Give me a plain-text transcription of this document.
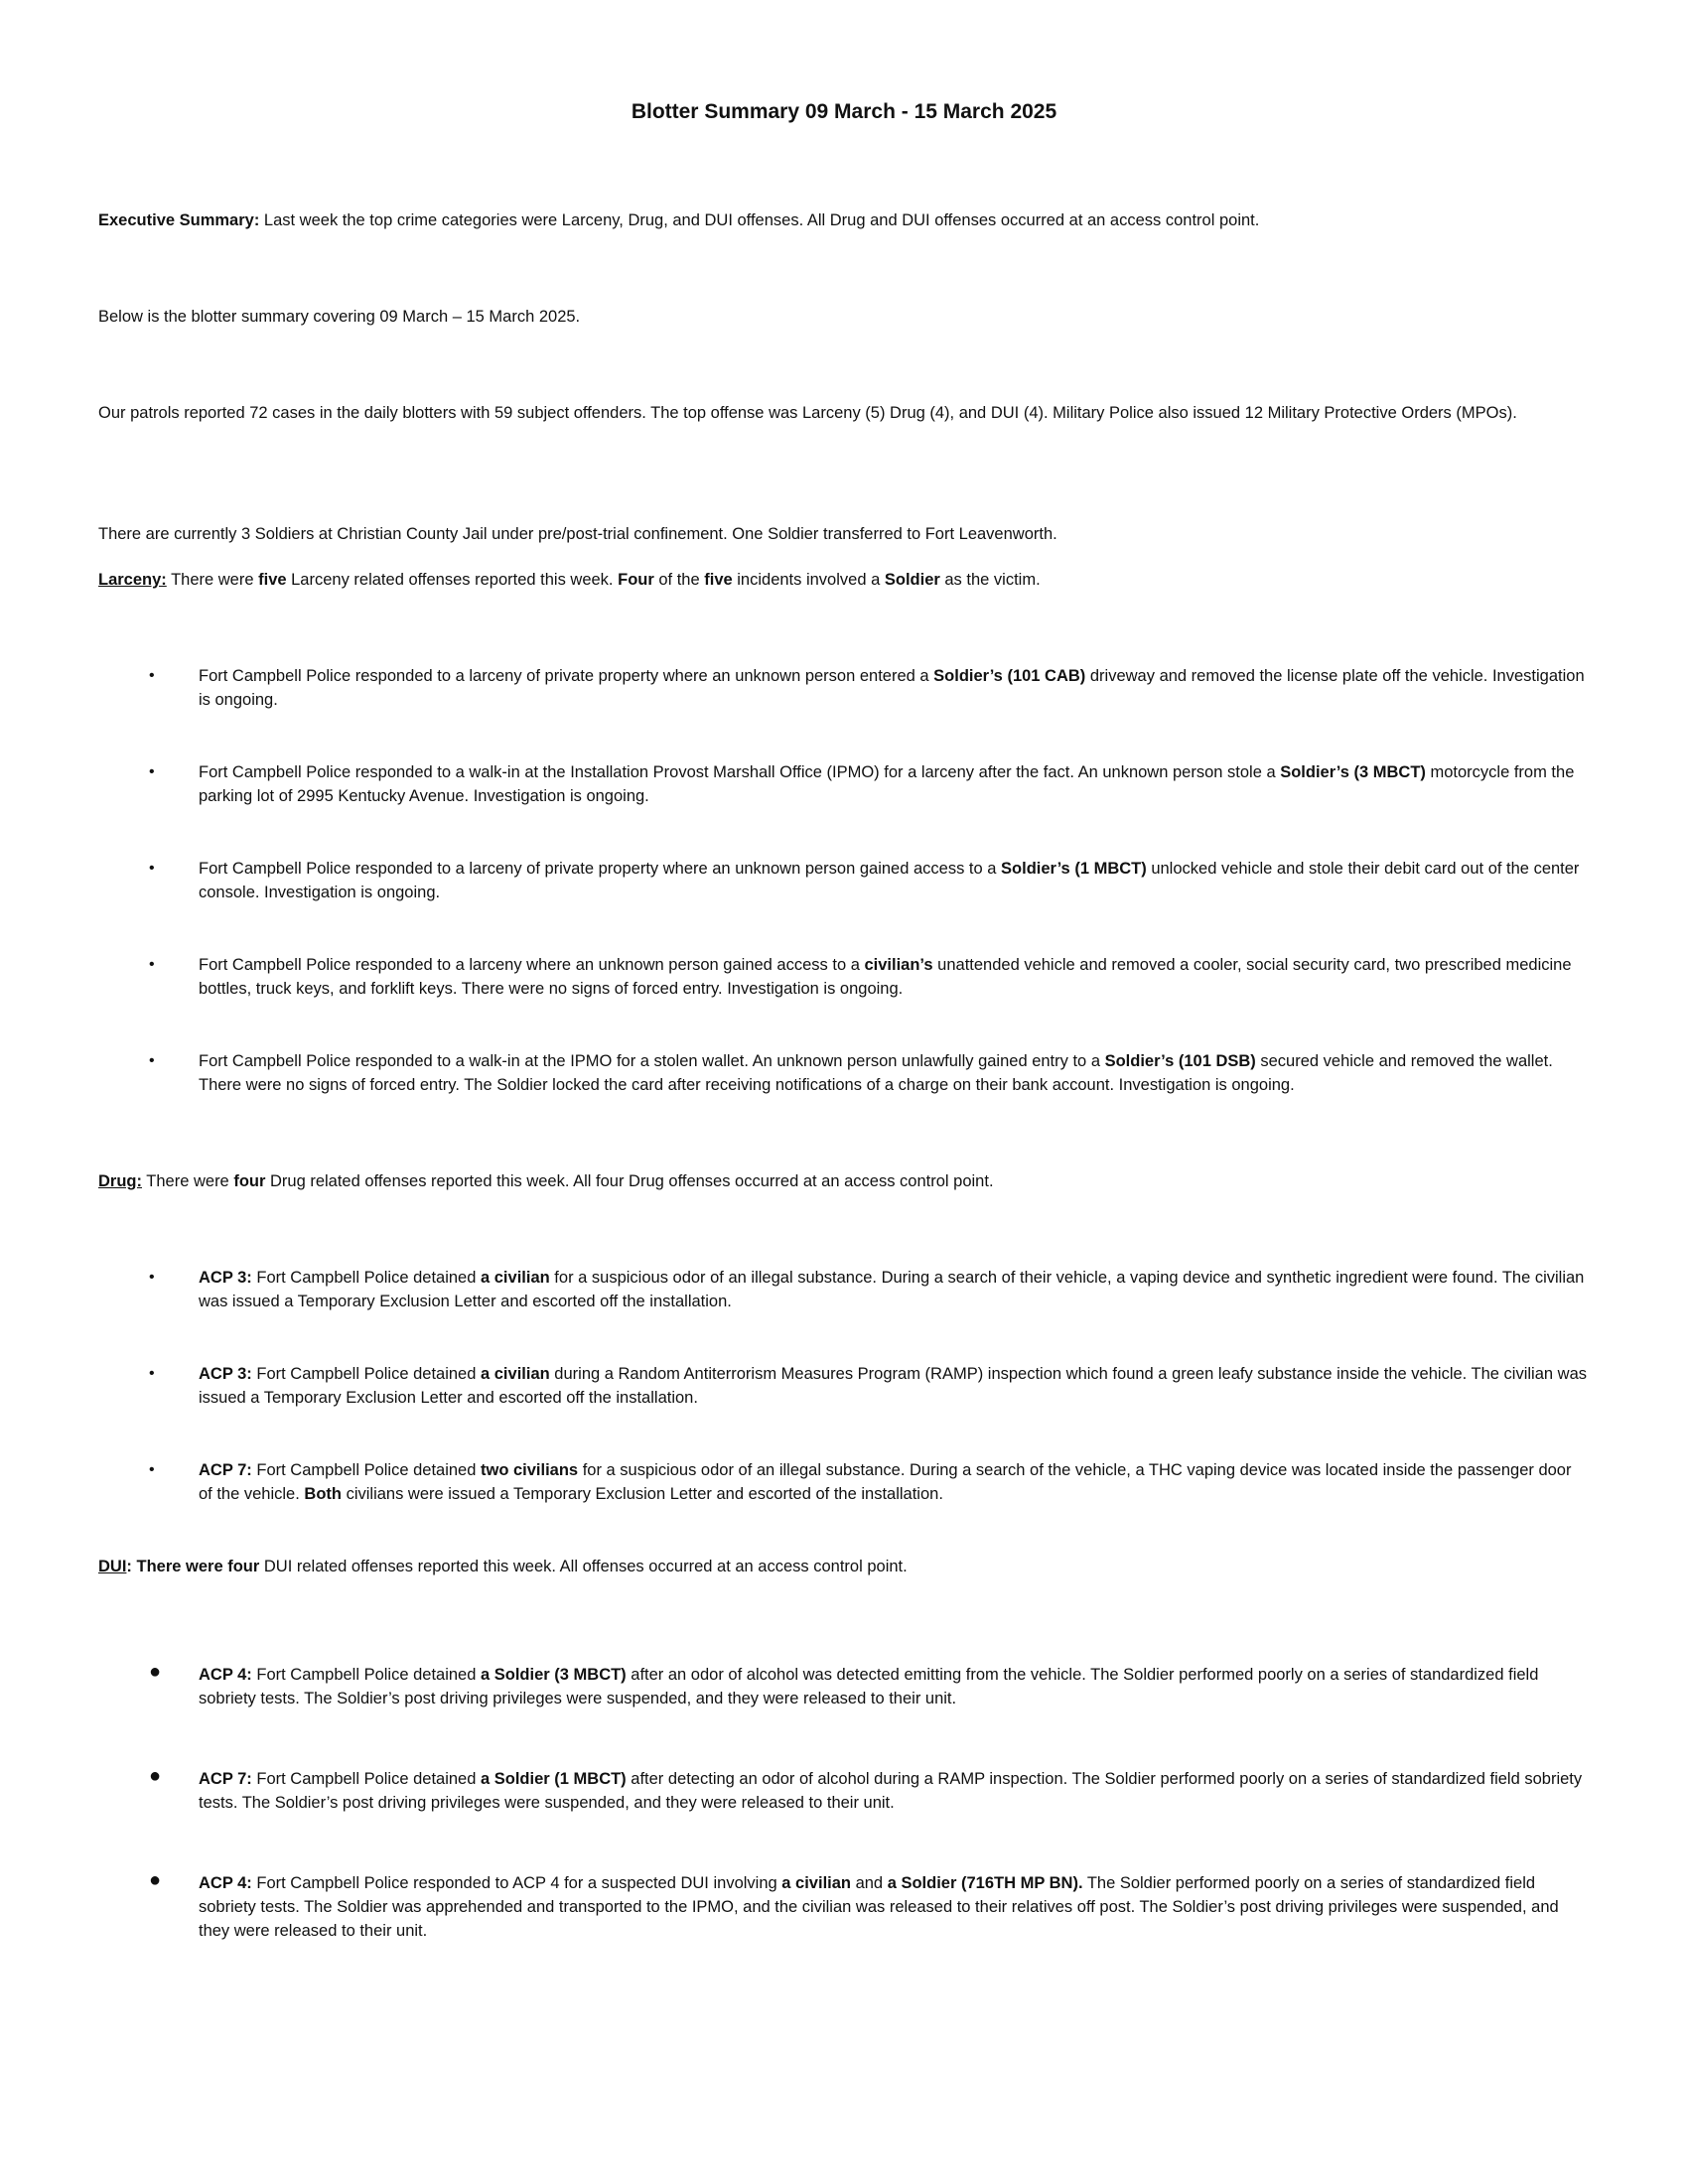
Blotter Summary 09 March - 15 March 2025
Executive Summary: Last week the top crime categories were Larceny, Drug, and DUI offenses. All Drug and DUI offenses occurred at an access control point.
Below is the blotter summary covering 09 March – 15 March 2025.
Our patrols reported 72 cases in the daily blotters with 59 subject offenders. The top offense was Larceny (5) Drug (4), and DUI (4). Military Police also issued 12 Military Protective Orders (MPOs).
There are currently 3 Soldiers at Christian County Jail under pre/post-trial confinement. One Soldier transferred to Fort Leavenworth.
Larceny: There were five Larceny related offenses reported this week. Four of the five incidents involved a Soldier as the victim.
•	Fort Campbell Police responded to a larceny of private property where an unknown person entered a Soldier’s (101 CAB) driveway and removed the license plate off the vehicle. Investigation is ongoing.
•	Fort Campbell Police responded to a walk-in at the Installation Provost Marshall Office (IPMO) for a larceny after the fact. An unknown person stole a Soldier’s (3 MBCT) motorcycle from the parking lot of 2995 Kentucky Avenue. Investigation is ongoing.
•	Fort Campbell Police responded to a larceny of private property where an unknown person gained access to a Soldier’s (1 MBCT) unlocked vehicle and stole their debit card out of the center console. Investigation is ongoing.
•	Fort Campbell Police responded to a larceny where an unknown person gained access to a civilian’s unattended vehicle and removed a cooler, social security card, two prescribed medicine bottles, truck keys, and forklift keys. There were no signs of forced entry. Investigation is ongoing.
•	Fort Campbell Police responded to a walk-in at the IPMO for a stolen wallet. An unknown person unlawfully gained entry to a Soldier’s (101 DSB) secured vehicle and removed the wallet. There were no signs of forced entry. The Soldier locked the card after receiving notifications of a charge on their bank account. Investigation is ongoing.
Drug: There were four Drug related offenses reported this week. All four Drug offenses occurred at an access control point.
•	ACP 3: Fort Campbell Police detained a civilian for a suspicious odor of an illegal substance. During a search of their vehicle, a vaping device and synthetic ingredient were found. The civilian was issued a Temporary Exclusion Letter and escorted off the installation.
•	ACP 3: Fort Campbell Police detained a civilian during a Random Antiterrorism Measures Program (RAMP) inspection which found a green leafy substance inside the vehicle. The civilian was issued a Temporary Exclusion Letter and escorted off the installation.
•	ACP 7: Fort Campbell Police detained two civilians for a suspicious odor of an illegal substance. During a search of the vehicle, a THC vaping device was located inside the passenger door of the vehicle. Both civilians were issued a Temporary Exclusion Letter and escorted of the installation.
DUI: There were four DUI related offenses reported this week. All offenses occurred at an access control point.
● ACP 4: Fort Campbell Police detained a Soldier (3 MBCT) after an odor of alcohol was detected emitting from the vehicle. The Soldier performed poorly on a series of standardized field sobriety tests. The Soldier’s post driving privileges were suspended, and they were released to their unit.
● ACP 7: Fort Campbell Police detained a Soldier (1 MBCT) after detecting an odor of alcohol during a RAMP inspection. The Soldier performed poorly on a series of standardized field sobriety tests. The Soldier’s post driving privileges were suspended, and they were released to their unit.
● ACP 4: Fort Campbell Police responded to ACP 4 for a suspected DUI involving a civilian and a Soldier (716TH MP BN). The Soldier performed poorly on a series of standardized field sobriety tests. The Soldier was apprehended and transported to the IPMO, and the civilian was released to their relatives off post. The Soldier’s post driving privileges were suspended, and they were released to their unit.
